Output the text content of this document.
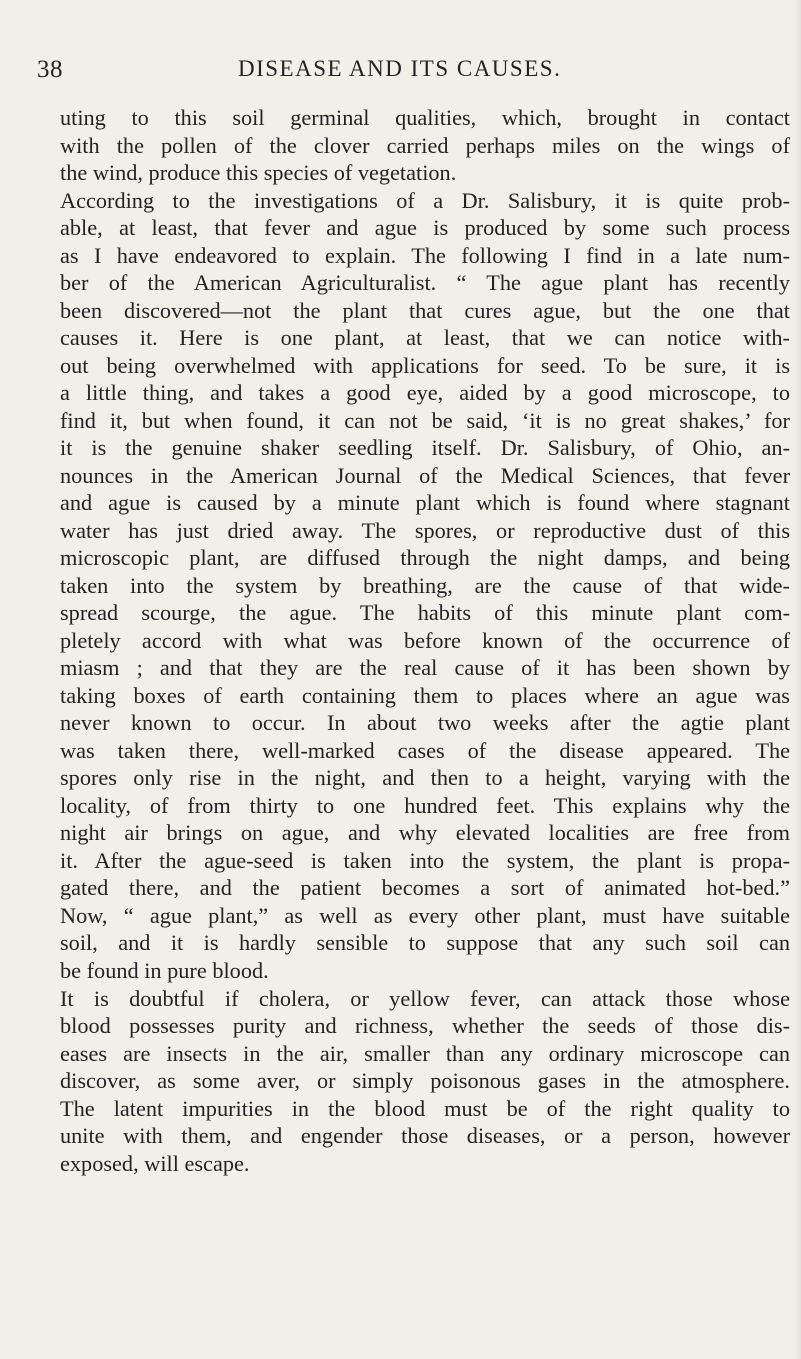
38	DISEASE AND ITS CAUSES.
uting to this soil germinal qualities, which, brought in contact
with the pollen of the clover carried perhaps miles on the wings of
the wind, produce this species of vegetation.
According to the investigations of a Dr. Salisbury, it is quite prob-
able, at least, that fever and ague is produced by some such process
as I have endeavored to explain. The following I find in a late num-
ber of the American Agriculturalist. “ The ague plant has recently
been discovered—not the plant that cures ague, but the one that
causes it. Here is one plant, at least, that we can notice with-
out being overwhelmed with applications for seed. To be sure, it is
a little thing, and takes a good eye, aided by a good microscope, to
find it, but when found, it can not be said, ‘it is no great shakes,’ for
it is the genuine shaker seedling itself. Dr. Salisbury, of Ohio, an-
nounces in the American Journal of the Medical Sciences, that fever
and ague is caused by a minute plant which is found where stagnant
water has just dried away. The spores, or reproductive dust of this
microscopic plant, are diffused through the night damps, and being
taken into the system by breathing, are the cause of that wide-
spread scourge, the ague. The habits of this minute plant com-
pletely accord with what was before known of the occurrence of
miasm ; and that they are the real cause of it has been shown by
taking boxes of earth containing them to places where an ague was
never known to occur. In about two weeks after the agtie plant
was taken there, well-marked cases of the disease appeared. The
spores only rise in the night, and then to a height, varying with the
locality, of from thirty to one hundred feet. This explains why the
night air brings on ague, and why elevated localities are free from
it. After the ague-seed is taken into the system, the plant is propa-
gated there, and the patient becomes a sort of animated hot-bed.”
Now, “ ague plant,” as well as every other plant, must have suitable
soil, and it is hardly sensible to suppose that any such soil can
be found in pure blood.
It is doubtful if cholera, or yellow fever, can attack those whose
blood possesses purity and richness, whether the seeds of those dis-
eases are insects in the air, smaller than any ordinary microscope can
discover, as some aver, or simply poisonous gases in the atmosphere.
The latent impurities in the ‌blood must be of the right quality to
unite with them, and engender those diseases, or a person, however
exposed, will escape.
